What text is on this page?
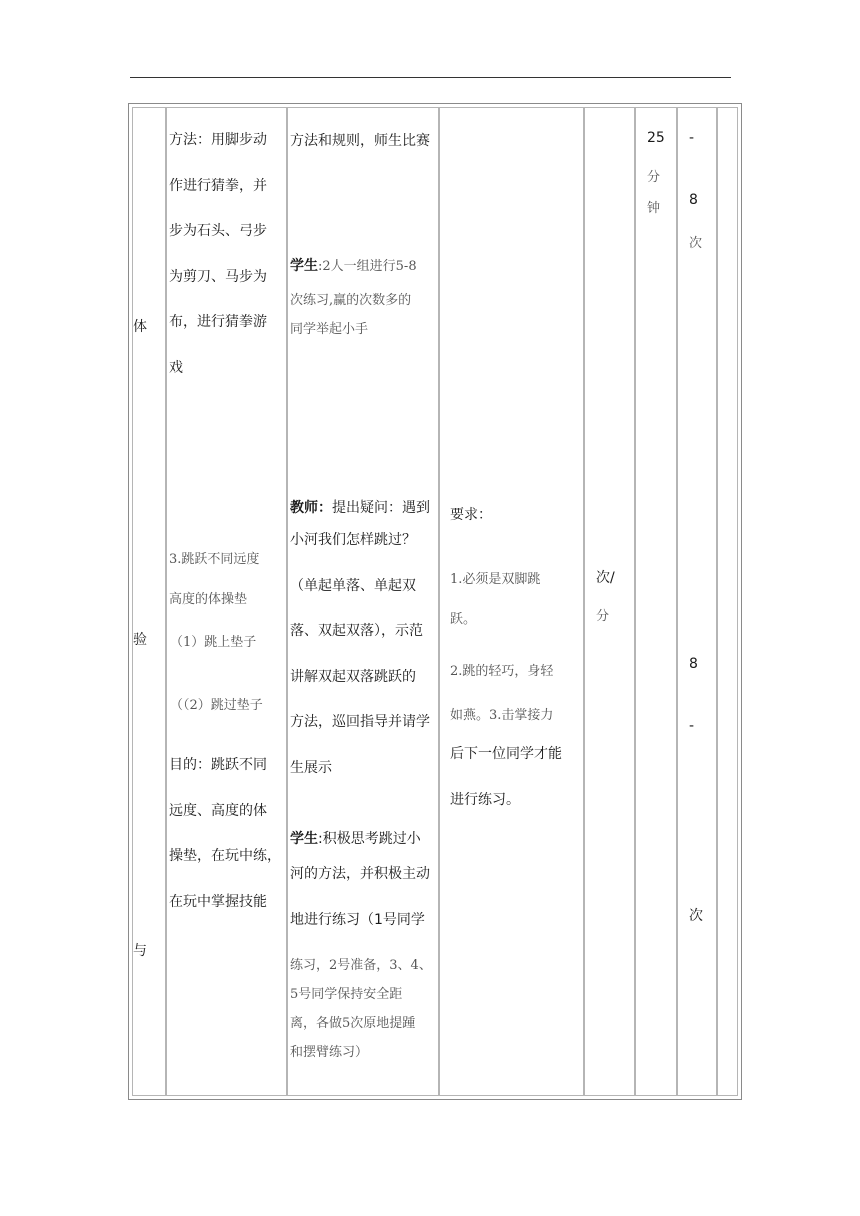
体
验
与
方法：用脚步动
作进行猜拳，并
步为石头、弓步
为剪刀、马步为
布，进行猜拳游
戏
3.跳跃不同远度
高度的体操垫
（1）跳上垫子
（（2）跳过垫子
目的：跳跃不同
远度、高度的体
操垫，在玩中练，
在玩中掌握技能
方法和规则，师生比赛
学生:2人一组进行5-8
次练习,赢的次数多的
同学举起小手
教师：提出疑问：遇到
小河我们怎样跳过？
（单起单落、单起双
落、双起双落），示范
讲解双起双落跳跃的
方法，巡回指导并请学
生展示
学生:积极思考跳过小
河的方法，并积极主动
地进行练习（1号同学
练习，2号准备，3、4、
5号同学保持安全距
离，各做5次原地提踵
和摆臂练习）
要求：
1.必须是双脚跳
跃。
2.跳的轻巧，身轻
如燕。3.击掌接力
后下一位同学才能
进行练习。
次/
分
25
分
钟
-
8
次
8
-
次
